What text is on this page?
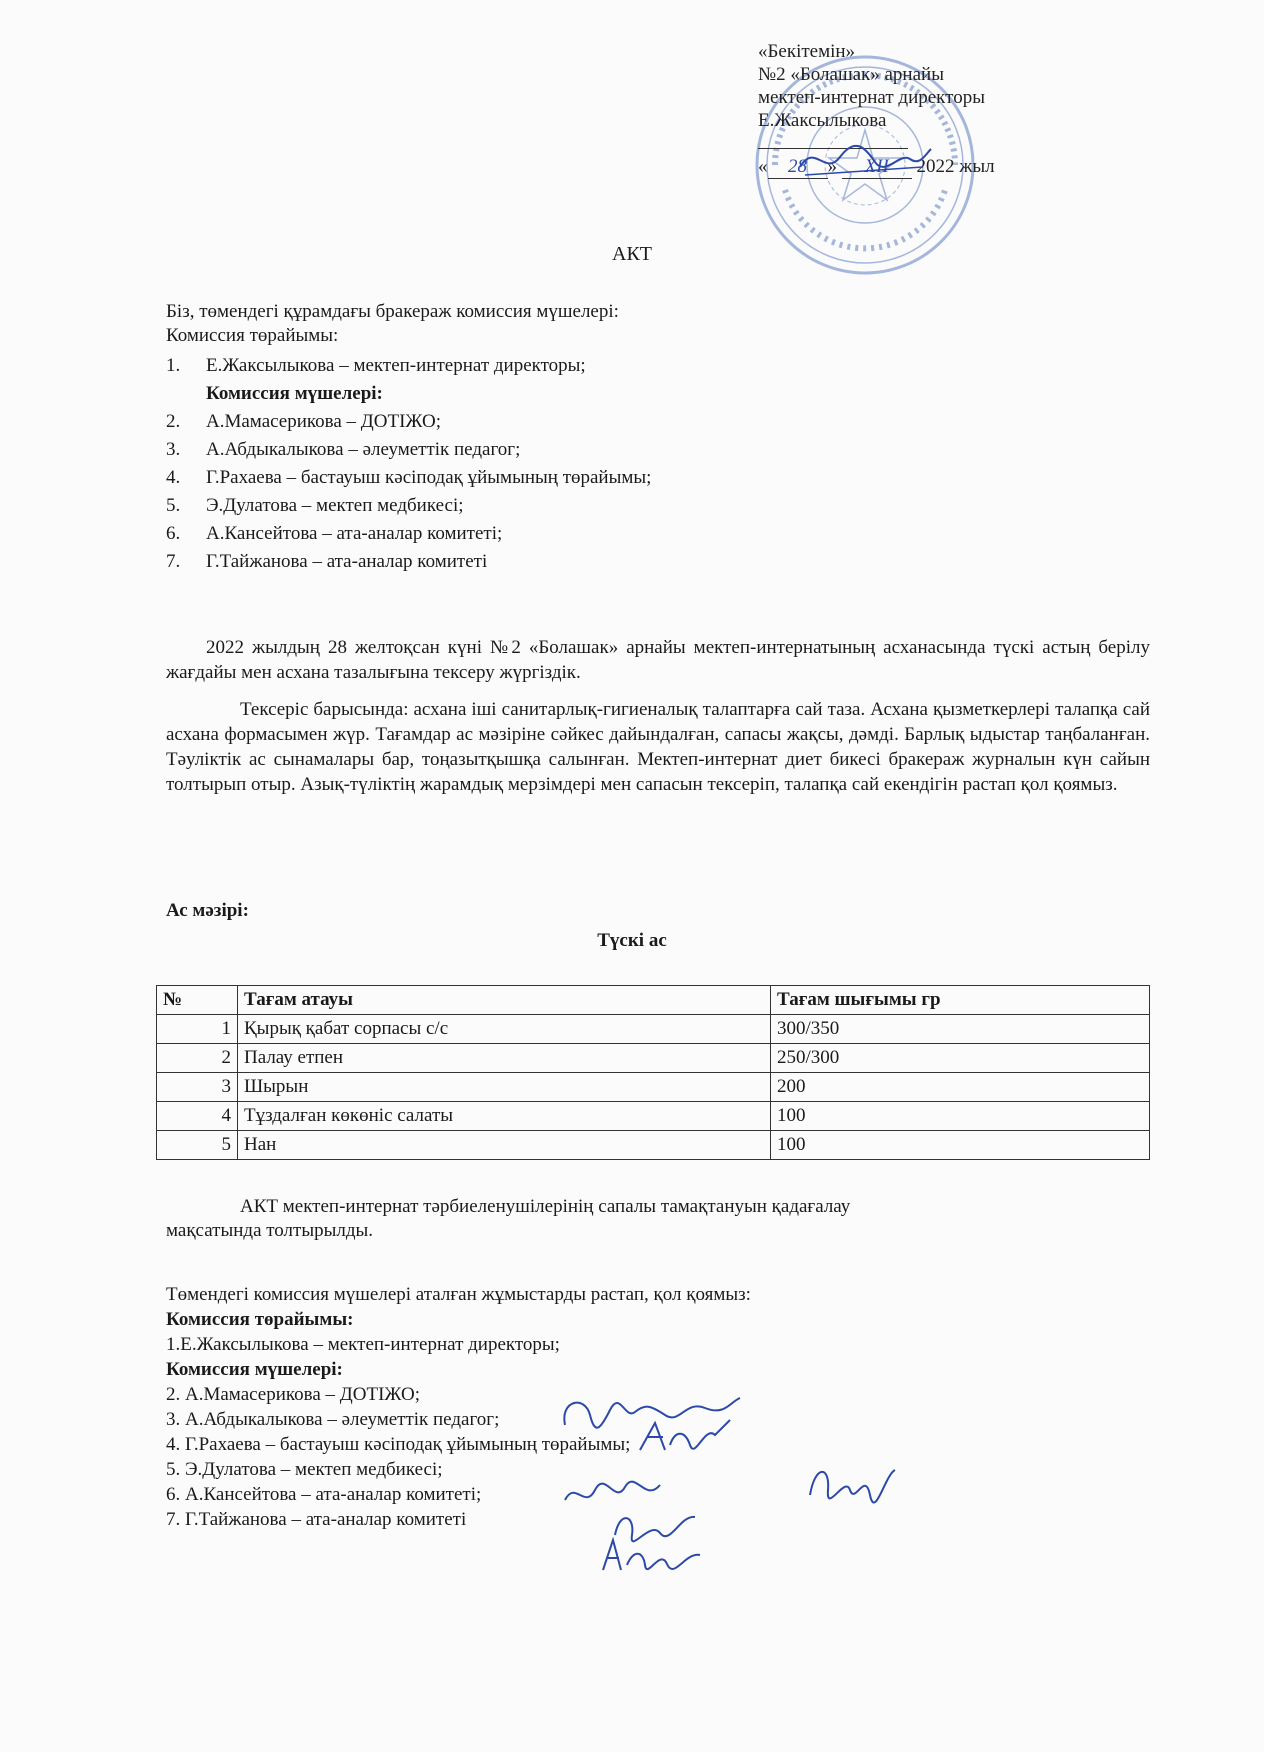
«Бекітемін»
№2 «Болашак» арнайы
мектеп-интернат директоры
Е.Жаксылыкова
« 28 » XII 2022 жыл
АКТ
Біз, төмендегі құрамдағы бракераж комиссия мүшелері:
Комиссия төрайымы:
1.	Е.Жаксылыкова – мектеп-интернат директоры;
Комиссия мүшелері:
2.	А.Мамасерикова – ДОТІЖО;
3.	А.Абдыкалыкова – әлеуметтік педагог;
4.	Г.Рахаева – бастауыш кәсіподақ ұйымының төрайымы;
5.	Э.Дулатова – мектеп медбикесі;
6.	А.Кансейтова – ата-аналар комитеті;
7.	Г.Тайжанова – ата-аналар комитеті

2022 жылдың 28 желтоқсан күні №2 «Болашак» арнайы мектеп-интернатының асханасында түскі астың берілу жағдайы мен асхана тазалығына тексеру жүргіздік.

Тексеріс барысында: асхана іші санитарлық-гигиеналық талаптарға сай таза. Асхана қызметкерлері талапқа сай асхана формасымен жүр. Тағамдар ас мәзіріне сәйкес дайындалған, сапасы жақсы, дәмді. Барлық ыдыстар таңбаланған. Тәуліктік ас сынамалары бар, тоңазытқышқа салынған. Мектеп-интернат диет бикесі бракераж журналын күн сайын толтырып отыр. Азық-түліктің жарамдық мерзімдері мен сапасын тексеріп, талапқа сай екендігін растап қол қоямыз.

Ас мәзірі:
Түскі ас
№	Тағам атауы	Тағам шығымы гр
1	Қырық қабат сорпасы с/с	300/350
2	Палау етпен	250/300
3	Шырын	200
4	Тұздалған көкөніс салаты	100
5	Нан	100

АКТ мектеп-интернат тәрбиеленушілерінің сапалы тамақтануын қадағалау

мақсатында толтырылды.
Төмендегі комиссия мүшелері аталған жұмыстарды растап, қол қоямыз:
Комиссия төрайымы:
1.Е.Жаксылыкова – мектеп-интернат директоры;
Комиссия мүшелері:
2. А.Мамасерикова – ДОТІЖО;
3. А.Абдыкалыкова – әлеуметтік педагог;
4. Г.Рахаева – бастауыш кәсіподақ ұйымының төрайымы;
5. Э.Дулатова – мектеп медбикесі;
6. А.Кансейтова – ата-аналар комитеті;
7. Г.Тайжанова – ата-аналар комитеті
